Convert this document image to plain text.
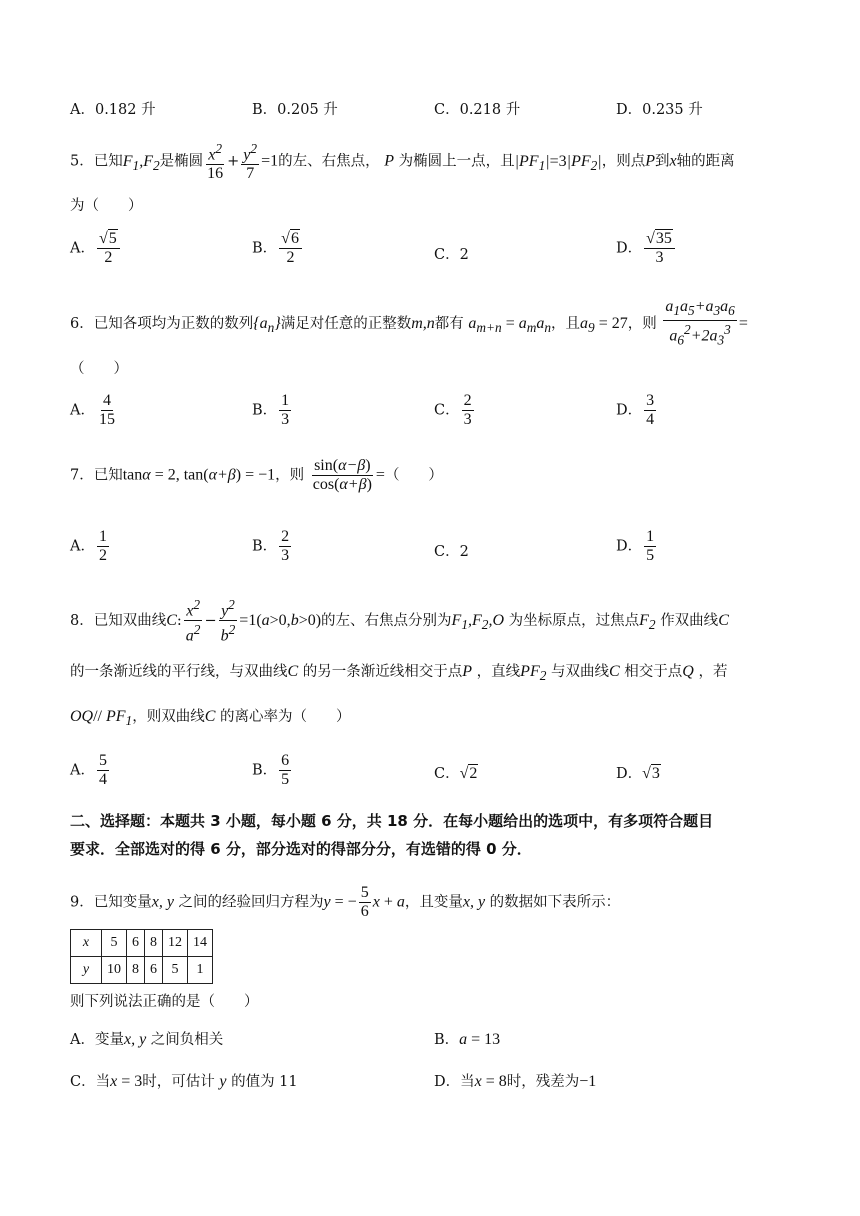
A．0.182 升	B．0.205 升	C．0.218 升	D．0.235 升
5．已知$F_1,F_2$是椭圆 $\frac{x^2}{16} + \frac{y^2}{7} =1$的左、右焦点， P 为椭圆上一点，且$|PF_1|=3|PF_2|$，则点P到x轴的距离
为（　　）
A． $\frac{√5}{2}$	B． $\frac{√6}{2}$	C．2	D． $\frac{√35}{3}$
6．已知各项均为正数的数列$\{a_n\}$满足对任意的正整数m,n都有 $a_{m+n} = a_ma_n$，且$a_9 = 27$，则 $\frac{a_1a_5+a_3a_6}{a_6^2+2a_3^3}$ =
（　　）
A． $\frac{4}{15}$	B． $\frac{1}{3}$	C． $\frac{2}{3}$	D． $\frac{3}{4}$
7．已知tanα = 2, tan(α+β) = −1，则 $\frac{\sin(\alpha-\beta)}{\cos(\alpha+\beta)}$ =（　　）
A． $\frac{1}{2}$	B． $\frac{2}{3}$	C．2	D． $\frac{1}{5}$
8．已知双曲线C: $\frac{x^2}{a^2} - \frac{y^2}{b^2} =1(a>0,b>0)$的左、右焦点分别为$F_1,F_2,O$ 为坐标原点，过焦点$F_2$ 作双曲线C
的一条渐近线的平行线，与双曲线C 的另一条渐近线相交于点P ，直线$PF_2$ 与双曲线C 相交于点Q ，若
OQ// $PF_1$，则双曲线C 的离心率为（　　）
A． $\frac{5}{4}$	B． $\frac{6}{5}$	C．√2	D．√3
二、选择题：本题共 3 小题，每小题 6 分，共 18 分．在每小题给出的选项中，有多项符合题目
要求．全部选对的得 6 分，部分选对的得部分分，有选错的得 0 分．
9．已知变量x, y 之间的经验回归方程为y = − $\frac{5}{6}$ x + a，且变量x, y 的数据如下表所示：
x	5	6	8	12	14
y	10	8	6	5	1
则下列说法正确的是（　　）
A．变量x, y 之间负相关	B．a = 13
C．当x = 3时，可估计 y 的值为 11	D．当x = 8时，残差为−1
